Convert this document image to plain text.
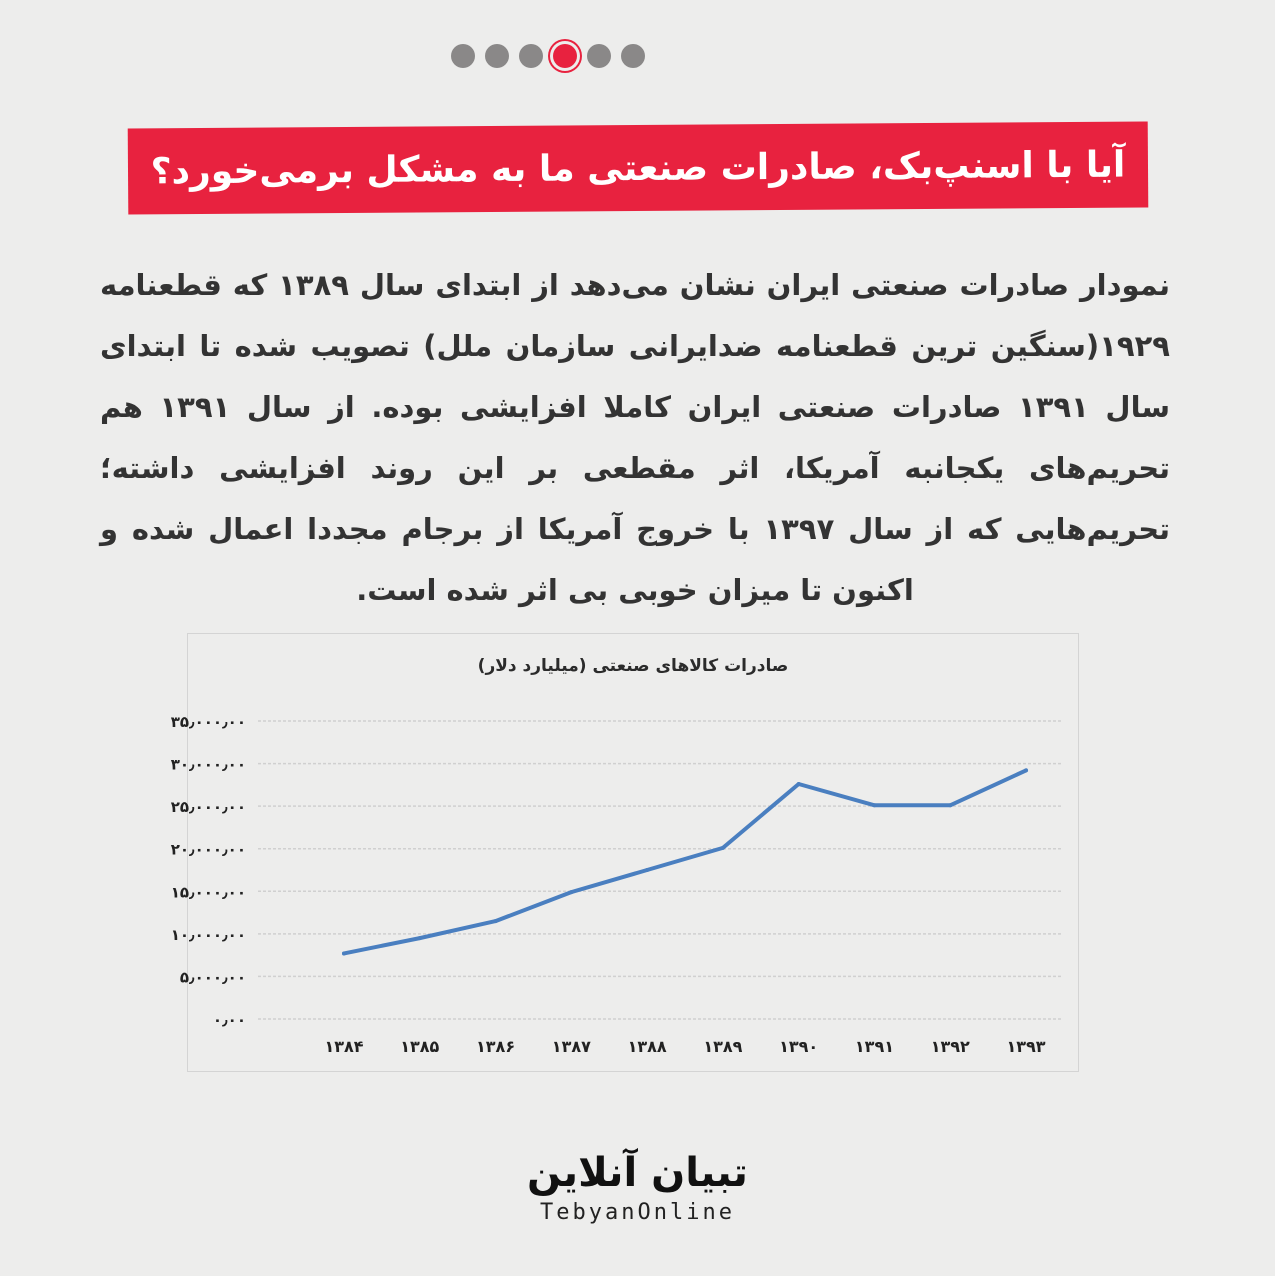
آیا با اسنپ‌بک، صادرات صنعتی ما به مشکل برمی‌خورد؟
نمودار صادرات صنعتی ایران نشان می‌دهد از ابتدای سال ۱۳۸۹ که قطعنامه ۱۹۲۹(سنگین ترین قطعنامه ضدایرانی سازمان ملل) تصویب شده تا ابتدای سال ۱۳۹۱ صادرات صنعتی ایران کاملا افزایشی بوده. از سال ۱۳۹۱ هم تحریم‌های یکجانبه آمریکا، اثر مقطعی بر این روند افزایشی داشته؛ تحریم‌هایی که از سال ۱۳۹۷ با خروج آمریکا از برجام مجددا اعمال شده و اکنون تا میزان خوبی بی اثر شده است.
صادرات کالاهای صنعتی (میلیارد دلار)
۰٫۰۰
۵٫۰۰۰٫۰۰
۱۰٫۰۰۰٫۰۰
۱۵٫۰۰۰٫۰۰
۲۰٫۰۰۰٫۰۰
۲۵٫۰۰۰٫۰۰
۳۰٫۰۰۰٫۰۰
۳۵٫۰۰۰٫۰۰
۱۳۸۴ ۱۳۸۵ ۱۳۸۶ ۱۳۸۷ ۱۳۸۸ ۱۳۸۹ ۱۳۹۰ ۱۳۹۱ ۱۳۹۲ ۱۳۹۳
تبیان آنلاین
TebyanOnline
